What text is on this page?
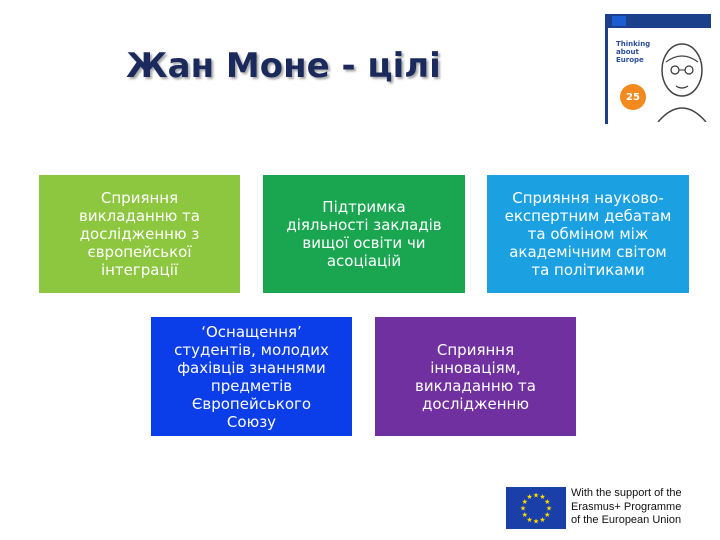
Жан Моне - цілі
Thinking
about
Europe
25
Сприяння
викладанню та
дослідженню з
європейської
інтеграції
Підтримка
діяльності закладів
вищої освіти чи
асоціацій
Сприяння науково-
експертним дебатам
та обміном між
академічним світом
та політиками
‘Оснащення’
студентів, молодих
фахівців знаннями
предметів
Європейського
Союзу
Сприяння
інноваціям,
викладанню та
дослідженню
★
★
★
★
★
★
★
★
★ ★ ★
★
With the support of the
Erasmus+ Programme
of the European Union
